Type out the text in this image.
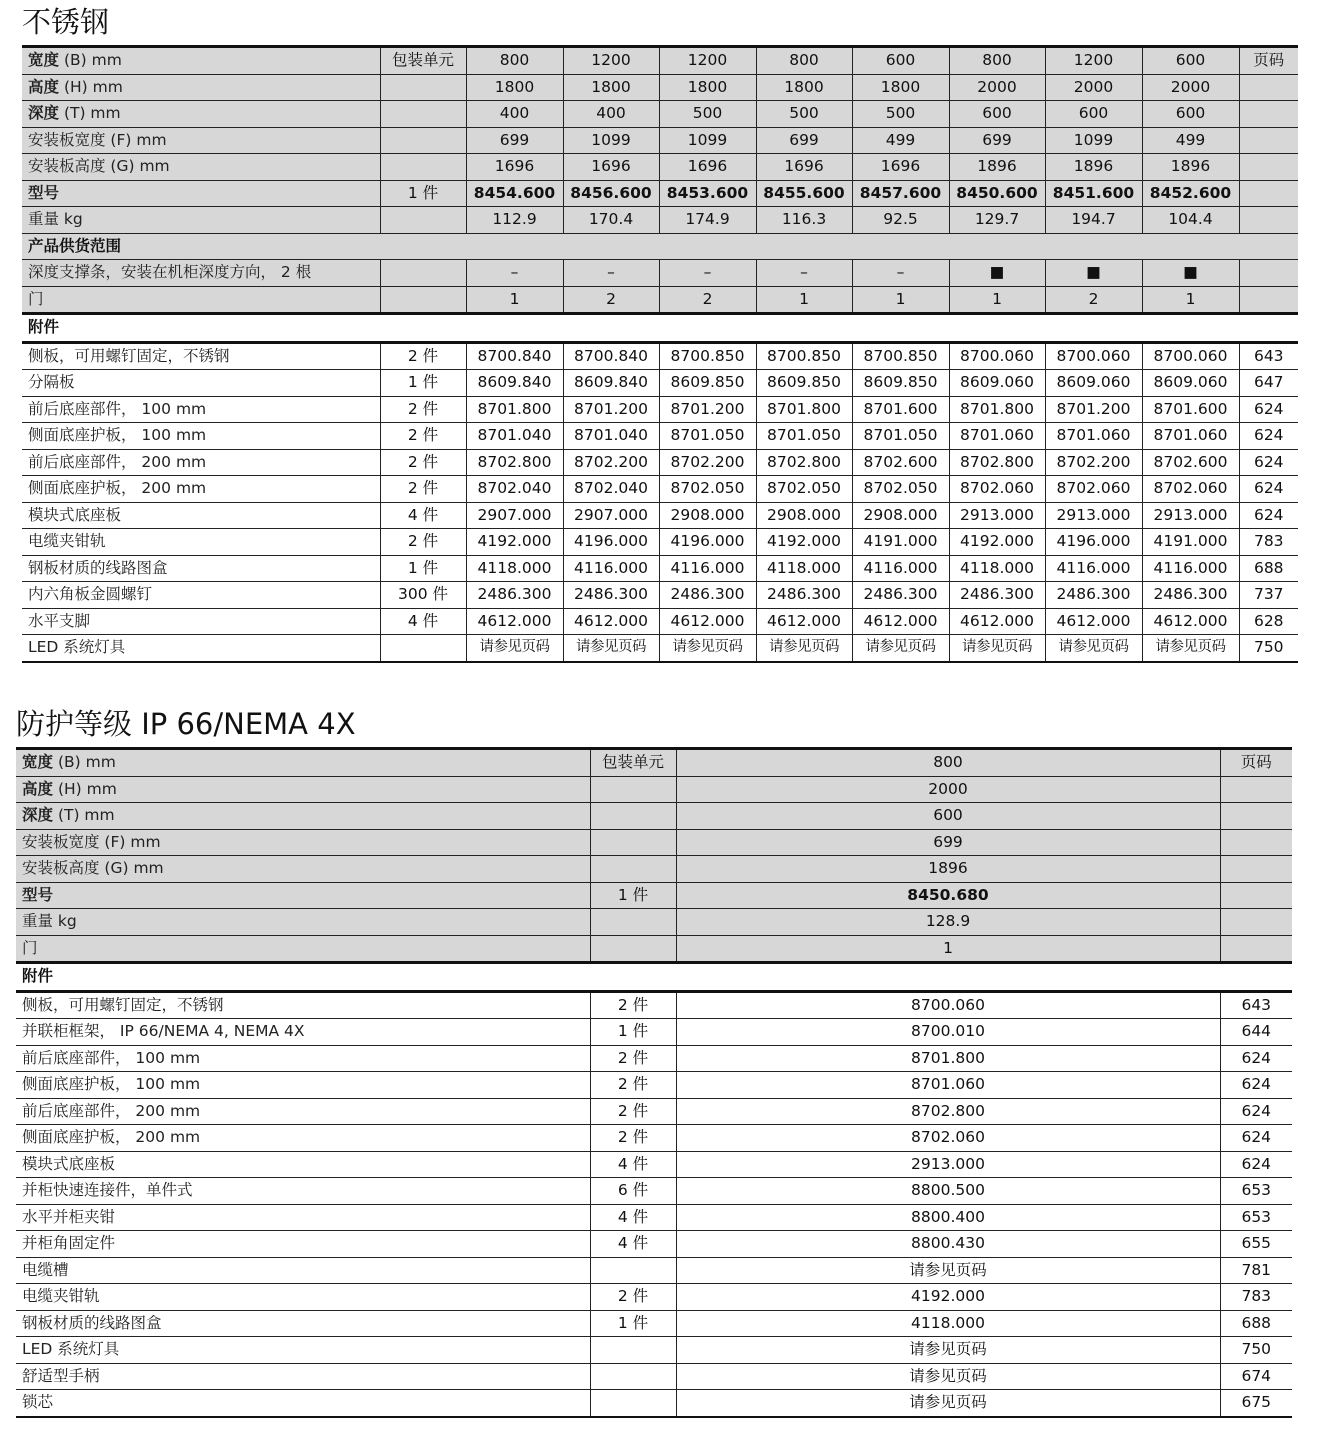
不锈钢
宽度 (B) mm	包装单元	800	1200	1200	800	600	800	1200	600	页码
高度 (H) mm		1800	1800	1800	1800	1800	2000	2000	2000	
深度 (T) mm		400	400	500	500	500	600	600	600	
安装板宽度 (F) mm		699	1099	1099	699	499	699	1099	499	
安装板高度 (G) mm		1696	1696	1696	1696	1696	1896	1896	1896	
型号	1 件	8454.600	8456.600	8453.600	8455.600	8457.600	8450.600	8451.600	8452.600	
重量 kg		112.9	170.4	174.9	116.3	92.5	129.7	194.7	104.4	
产品供货范围										
深度支撑条，安装在机柜深度方向， 2 根		–	–	–	–	–	■	■	■	
门		1	2	2	1	1	1	2	1	
附件										
侧板，可用螺钉固定，不锈钢	2 件	8700.840	8700.840	8700.850	8700.850	8700.850	8700.060	8700.060	8700.060	643
分隔板	1 件	8609.840	8609.840	8609.850	8609.850	8609.850	8609.060	8609.060	8609.060	647
前后底座部件， 100 mm	2 件	8701.800	8701.200	8701.200	8701.800	8701.600	8701.800	8701.200	8701.600	624
侧面底座护板， 100 mm	2 件	8701.040	8701.040	8701.050	8701.050	8701.050	8701.060	8701.060	8701.060	624
前后底座部件， 200 mm	2 件	8702.800	8702.200	8702.200	8702.800	8702.600	8702.800	8702.200	8702.600	624
侧面底座护板， 200 mm	2 件	8702.040	8702.040	8702.050	8702.050	8702.050	8702.060	8702.060	8702.060	624
模块式底座板	4 件	2907.000	2907.000	2908.000	2908.000	2908.000	2913.000	2913.000	2913.000	624
电缆夹钳轨	2 件	4192.000	4196.000	4196.000	4192.000	4191.000	4192.000	4196.000	4191.000	783
钢板材质的线路图盒	1 件	4118.000	4116.000	4116.000	4118.000	4116.000	4118.000	4116.000	4116.000	688
内六角板金圆螺钉	300 件	2486.300	2486.300	2486.300	2486.300	2486.300	2486.300	2486.300	2486.300	737
水平支脚	4 件	4612.000	4612.000	4612.000	4612.000	4612.000	4612.000	4612.000	4612.000	628
LED 系统灯具		请参见页码	请参见页码	请参见页码	请参见页码	请参见页码	请参见页码	请参见页码	请参见页码	750
防护等级 IP 66/NEMA 4X
宽度 (B) mm	包装单元	800	页码
高度 (H) mm		2000	
深度 (T) mm		600	
安装板宽度 (F) mm		699	
安装板高度 (G) mm		1896	
型号	1 件	8450.680	
重量 kg		128.9	
门		1	
附件			
侧板，可用螺钉固定，不锈钢	2 件	8700.060	643
并联柜框架， IP 66/NEMA 4, NEMA 4X	1 件	8700.010	644
前后底座部件， 100 mm	2 件	8701.800	624
侧面底座护板， 100 mm	2 件	8701.060	624
前后底座部件， 200 mm	2 件	8702.800	624
侧面底座护板， 200 mm	2 件	8702.060	624
模块式底座板	4 件	2913.000	624
并柜快速连接件，单件式	6 件	8800.500	653
水平并柜夹钳	4 件	8800.400	653
并柜角固定件	4 件	8800.430	655
电缆槽		请参见页码	781
电缆夹钳轨	2 件	4192.000	783
钢板材质的线路图盒	1 件	4118.000	688
LED 系统灯具		请参见页码	750
舒适型手柄		请参见页码	674
锁芯		请参见页码	675
